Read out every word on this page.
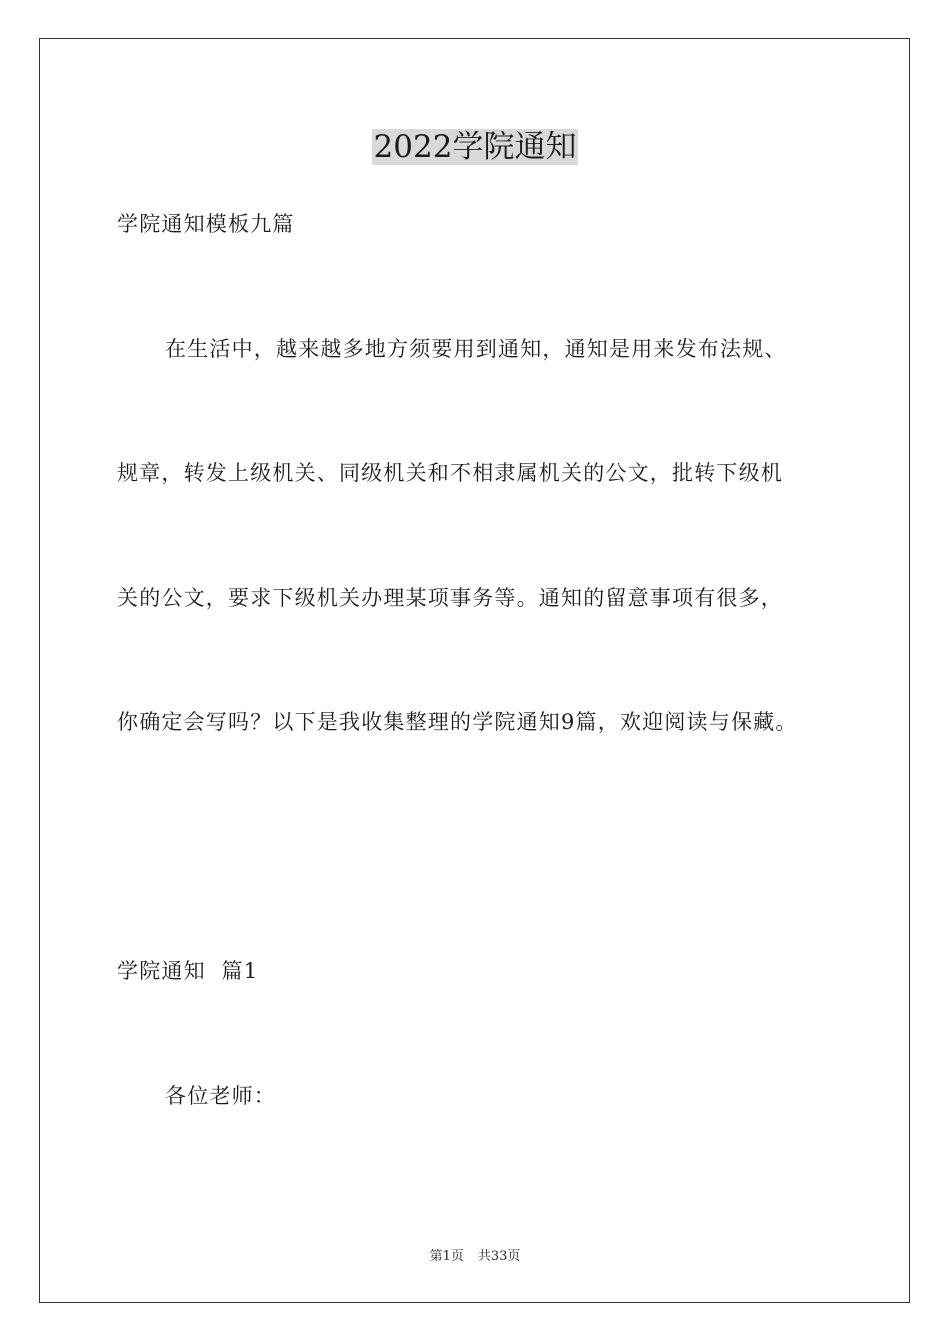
2022学院通知
学院通知模板九篇
在生活中，越来越多地方须要用到通知，通知是用来发布法规、
规章，转发上级机关、同级机关和不相隶属机关的公文，批转下级机
关的公文，要求下级机关办理某项事务等。通知的留意事项有很多，
你确定会写吗？以下是我收集整理的学院通知9篇，欢迎阅读与保藏。
学院通知  篇1
各位老师：
第1页 共33页
